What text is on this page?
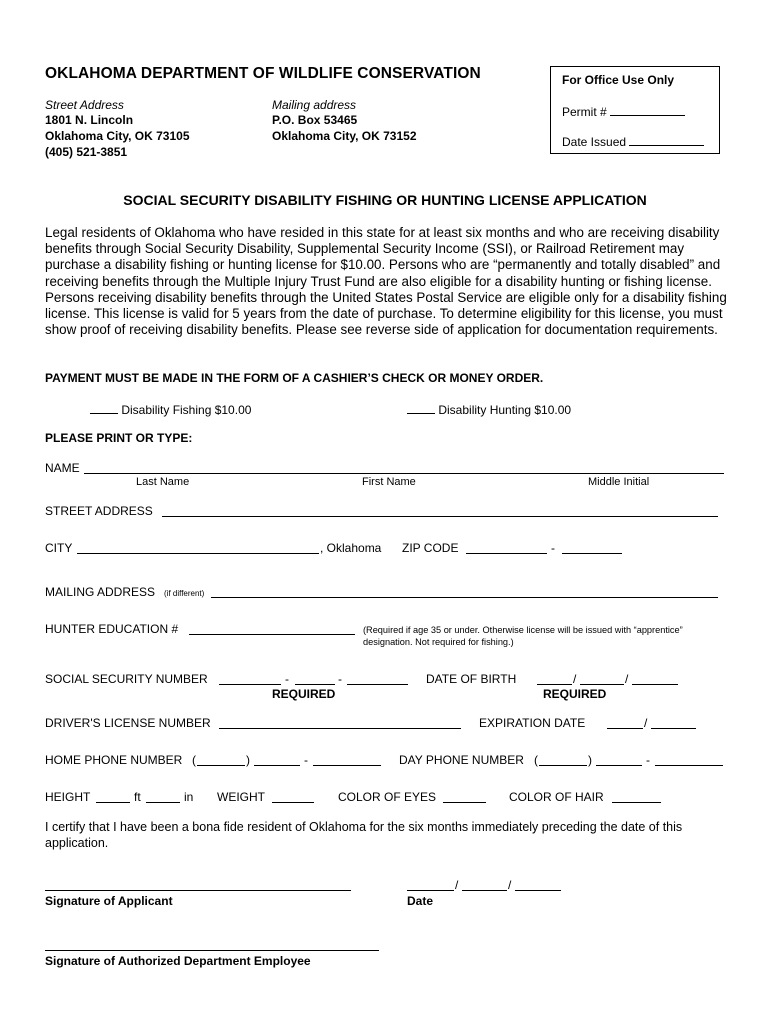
OKLAHOMA DEPARTMENT OF WILDLIFE CONSERVATION
Street Address
1801 N. Lincoln
Oklahoma City, OK 73105
(405) 521-3851
Mailing address
P.O. Box 53465
Oklahoma City, OK 73152
For Office Use Only
Permit #
Date Issued
SOCIAL SECURITY DISABILITY FISHING OR HUNTING LICENSE APPLICATION
Legal residents of Oklahoma who have resided in this state for at least six months and who are receiving disability benefits through Social Security Disability, Supplemental Security Income (SSI), or Railroad Retirement may purchase a disability fishing or hunting license for $10.00. Persons who are “permanently and totally disabled” and receiving benefits through the Multiple Injury Trust Fund are also eligible for a disability hunting or fishing license. Persons receiving disability benefits through the United States Postal Service are eligible only for a disability fishing license. This license is valid for 5 years from the date of purchase. To determine eligibility for this license, you must show proof of receiving disability benefits. Please see reverse side of application for documentation requirements.
PAYMENT MUST BE MADE IN THE FORM OF A CASHIER’S CHECK OR MONEY ORDER.
Disability Fishing $10.00	Disability Hunting $10.00
PLEASE PRINT OR TYPE:
NAME
Last Name	First Name	Middle Initial
STREET ADDRESS
CITY	, Oklahoma ZIP CODE	-
MAILING ADDRESS (if different)
HUNTER EDUCATION #	(Required if age 35 or under. Otherwise license will be issued with “apprentice”
designation. Not required for fishing.)
SOCIAL SECURITY NUMBER	-	-
REQUIRED
DATE OF BIRTH	/	/
REQUIRED
DRIVER'S LICENSE NUMBER	EXPIRATION DATE	/
HOME PHONE NUMBER (	)	-	DAY PHONE NUMBER (	)	-
HEIGHT	ft	in WEIGHT	COLOR OF EYES	COLOR OF HAIR
I certify that I have been a bona fide resident of Oklahoma for the six months immediately preceding the date of this application.
Signature of Applicant
/	/
Date
Signature of Authorized Department Employee
